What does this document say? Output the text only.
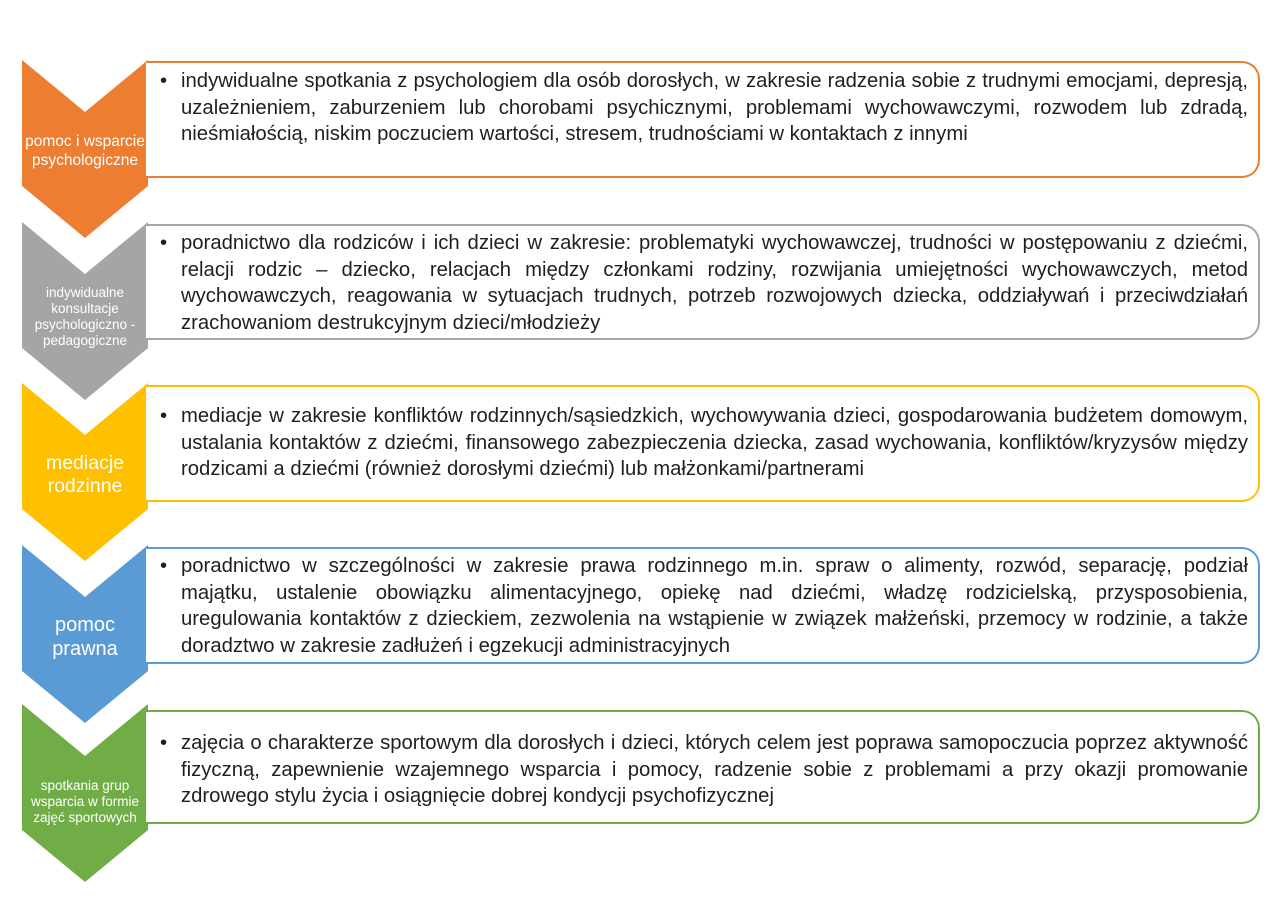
pomoc i wsparcie psychologiczne
• indywidualne spotkania z psychologiem dla osób dorosłych, w zakresie radzenia sobie z trudnymi emocjami, depresją, uzależnieniem, zaburzeniem lub chorobami psychicznymi, problemami wychowawczymi, rozwodem lub zdradą, nieśmiałością, niskim poczuciem wartości, stresem, trudnościami w kontaktach z innymi
indywidualne konsultacje psychologiczno - pedagogiczne
• poradnictwo dla rodziców i ich dzieci w zakresie: problematyki wychowawczej, trudności w postępowaniu z dziećmi, relacji rodzic – dziecko, relacjach między członkami rodziny, rozwijania umiejętności wychowawczych, metod wychowawczych, reagowania w sytuacjach trudnych, potrzeb rozwojowych dziecka, oddziaływań i przeciwdziałań zrachowaniom destrukcyjnym dzieci/młodzieży
mediacje rodzinne
• mediacje w zakresie konfliktów rodzinnych/sąsiedzkich, wychowywania dzieci, gospodarowania budżetem domowym, ustalania kontaktów z dziećmi, finansowego zabezpieczenia dziecka, zasad wychowania, konfliktów/kryzysów między rodzicami a dziećmi (również dorosłymi dziećmi) lub małżonkami/partnerami
pomoc prawna
• poradnictwo w szczególności w zakresie prawa rodzinnego m.in. spraw o alimenty, rozwód, separację, podział majątku, ustalenie obowiązku alimentacyjnego, opiekę nad dziećmi, władzę rodzicielską, przysposobienia, uregulowania kontaktów z dzieckiem, zezwolenia na wstąpienie w związek małżeński, przemocy w rodzinie, a także doradztwo w zakresie zadłużeń i egzekucji administracyjnych
spotkania grup wsparcia w formie zajęć sportowych
• zajęcia o charakterze sportowym dla dorosłych i dzieci, których celem jest poprawa samopoczucia poprzez aktywność fizyczną, zapewnienie wzajemnego wsparcia i pomocy, radzenie sobie z problemami a przy okazji promowanie zdrowego stylu życia i osiągnięcie dobrej kondycji psychofizycznej
